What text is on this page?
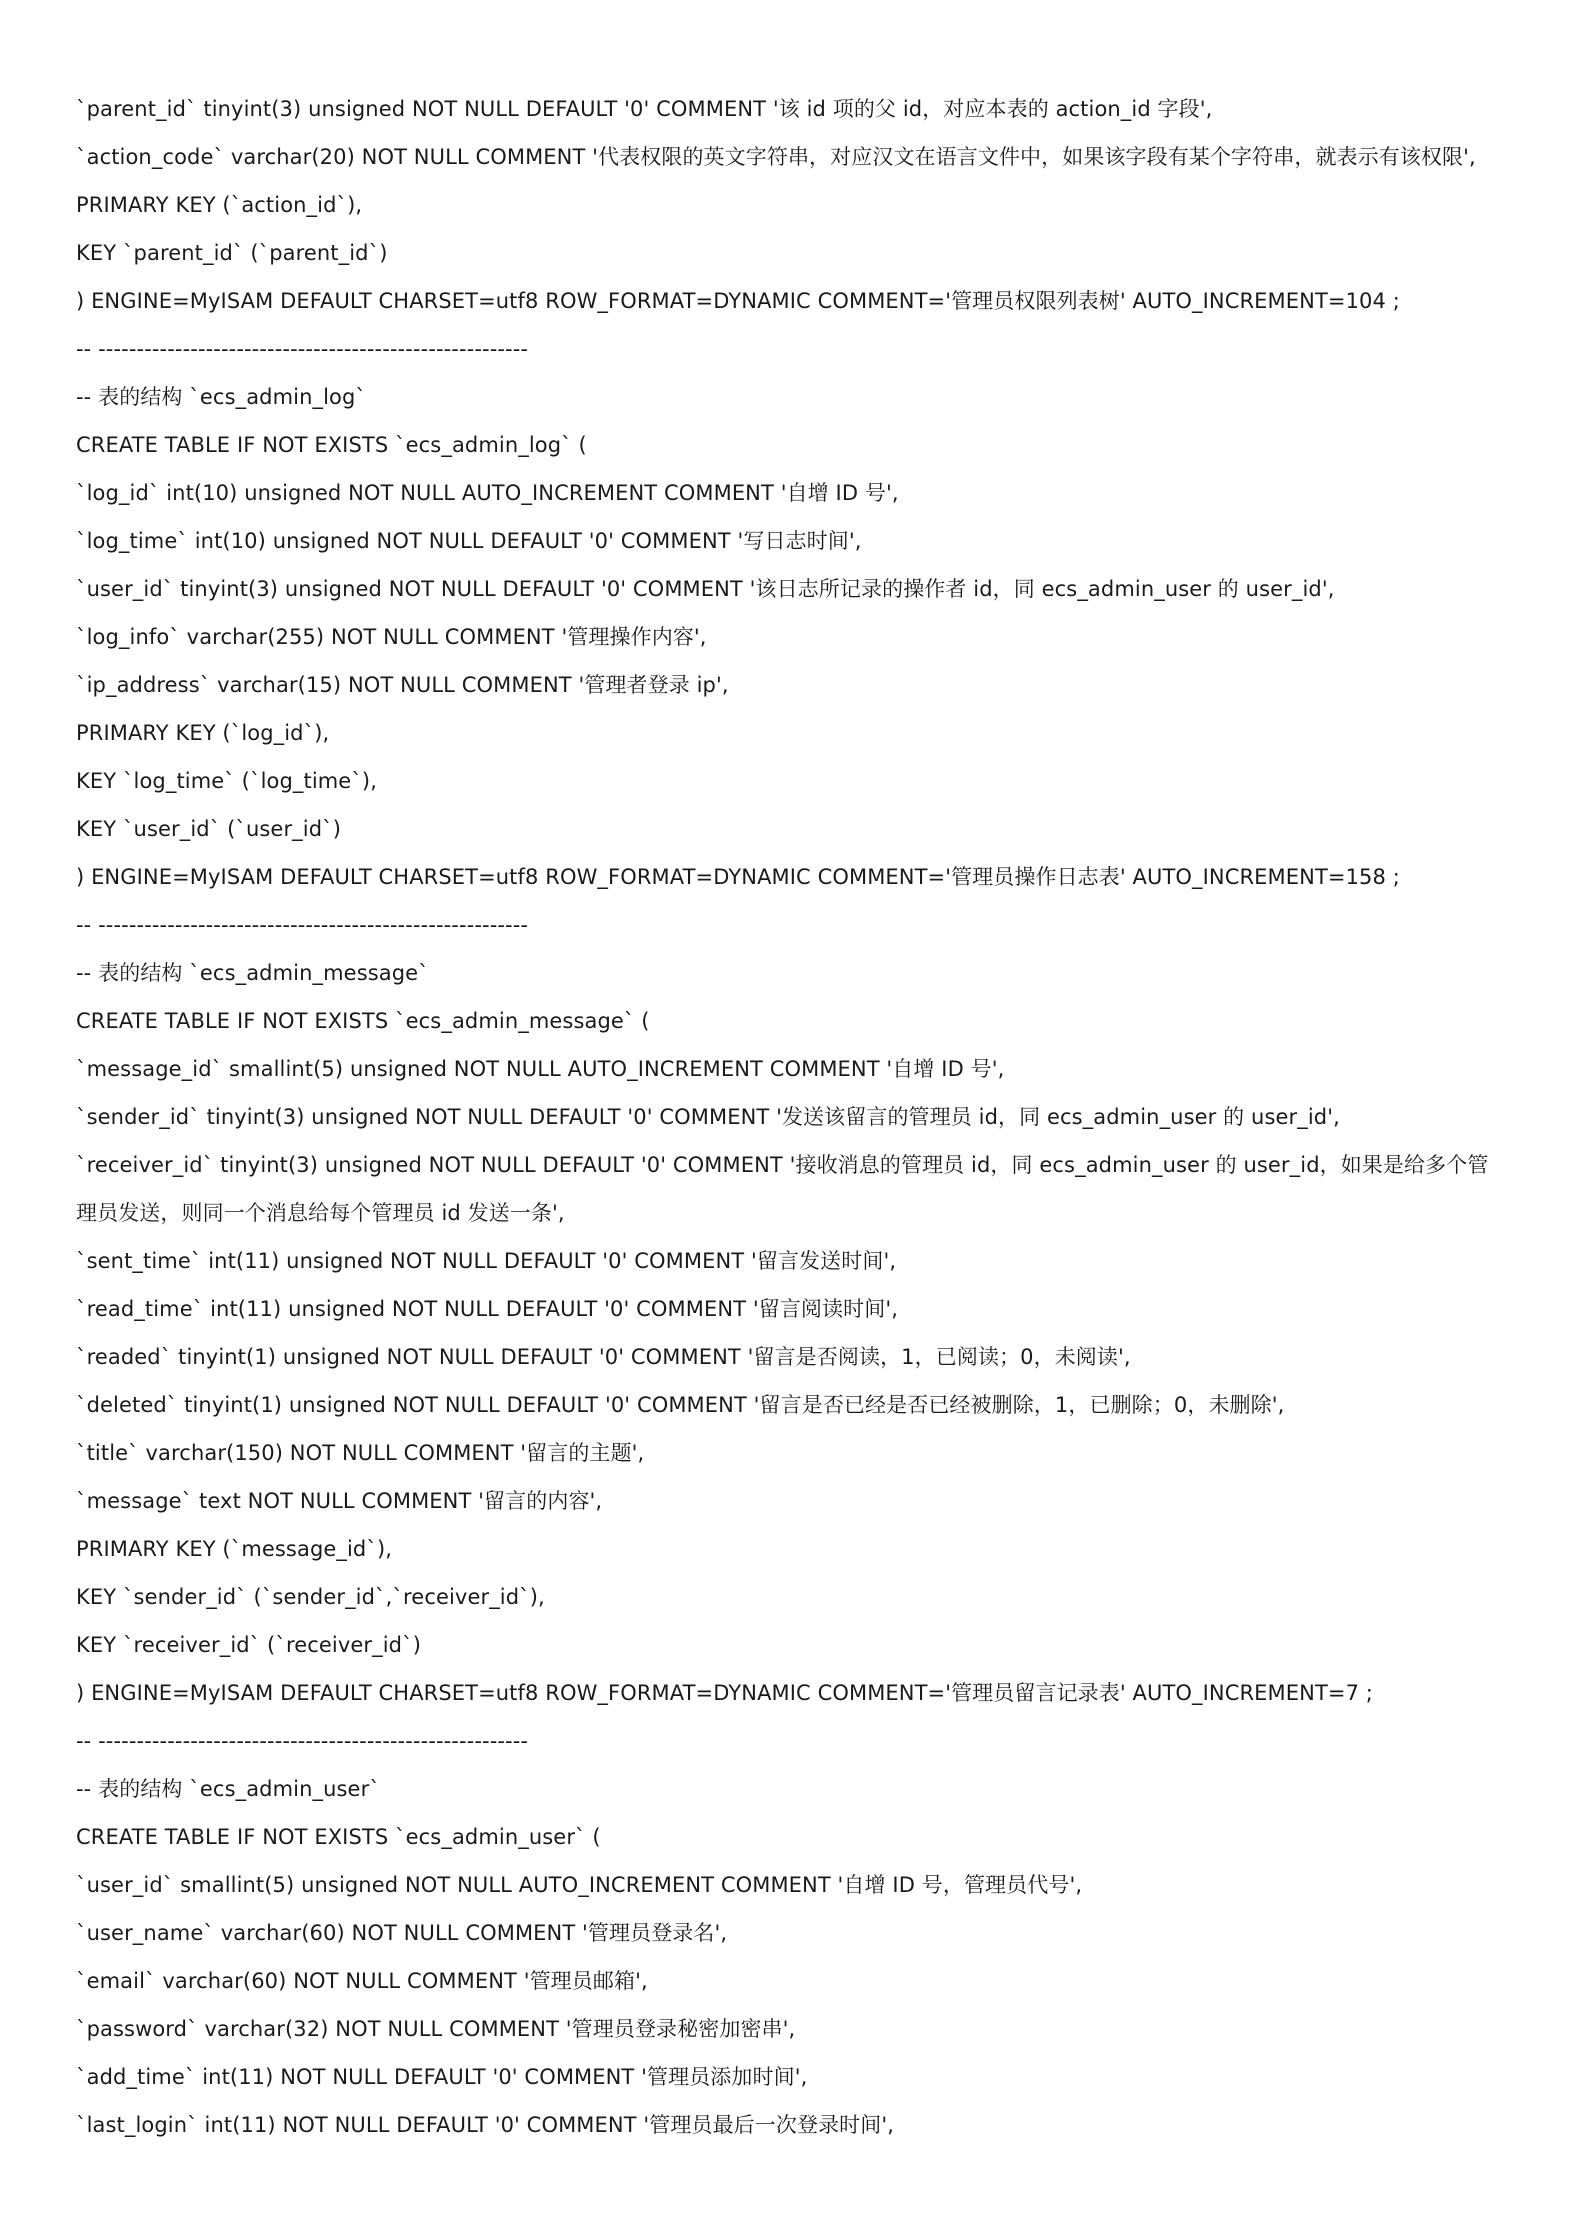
`parent_id` tinyint(3) unsigned NOT NULL DEFAULT '0' COMMENT '该 id 项的父 id，对应本表的 action_id 字段',
`action_code` varchar(20) NOT NULL COMMENT '代表权限的英文字符串，对应汉文在语言文件中，如果该字段有某个字符串，就表示有该权限',
PRIMARY KEY (`action_id`),
KEY `parent_id` (`parent_id`)
) ENGINE=MyISAM DEFAULT CHARSET=utf8 ROW_FORMAT=DYNAMIC COMMENT='管理员权限列表树' AUTO_INCREMENT=104 ;
-- --------------------------------------------------------
-- 表的结构 `ecs_admin_log`
CREATE TABLE IF NOT EXISTS `ecs_admin_log` (
`log_id` int(10) unsigned NOT NULL AUTO_INCREMENT COMMENT '自增 ID 号',
`log_time` int(10) unsigned NOT NULL DEFAULT '0' COMMENT '写日志时间',
`user_id` tinyint(3) unsigned NOT NULL DEFAULT '0' COMMENT '该日志所记录的操作者 id，同 ecs_admin_user 的 user_id',
`log_info` varchar(255) NOT NULL COMMENT '管理操作内容',
`ip_address` varchar(15) NOT NULL COMMENT '管理者登录 ip',
PRIMARY KEY (`log_id`),
KEY `log_time` (`log_time`),
KEY `user_id` (`user_id`)
) ENGINE=MyISAM DEFAULT CHARSET=utf8 ROW_FORMAT=DYNAMIC COMMENT='管理员操作日志表' AUTO_INCREMENT=158 ;
-- --------------------------------------------------------
-- 表的结构 `ecs_admin_message`
CREATE TABLE IF NOT EXISTS `ecs_admin_message` (
`message_id` smallint(5) unsigned NOT NULL AUTO_INCREMENT COMMENT '自增 ID 号',
`sender_id` tinyint(3) unsigned NOT NULL DEFAULT '0' COMMENT '发送该留言的管理员 id，同 ecs_admin_user 的 user_id',
`receiver_id` tinyint(3) unsigned NOT NULL DEFAULT '0' COMMENT '接收消息的管理员 id，同 ecs_admin_user 的 user_id，如果是给多个管
理员发送，则同一个消息给每个管理员 id 发送一条',
`sent_time` int(11) unsigned NOT NULL DEFAULT '0' COMMENT '留言发送时间',
`read_time` int(11) unsigned NOT NULL DEFAULT '0' COMMENT '留言阅读时间',
`readed` tinyint(1) unsigned NOT NULL DEFAULT '0' COMMENT '留言是否阅读，1，已阅读；0，未阅读',
`deleted` tinyint(1) unsigned NOT NULL DEFAULT '0' COMMENT '留言是否已经是否已经被删除，1，已删除；0，未删除',
`title` varchar(150) NOT NULL COMMENT '留言的主题',
`message` text NOT NULL COMMENT '留言的内容',
PRIMARY KEY (`message_id`),
KEY `sender_id` (`sender_id`,`receiver_id`),
KEY `receiver_id` (`receiver_id`)
) ENGINE=MyISAM DEFAULT CHARSET=utf8 ROW_FORMAT=DYNAMIC COMMENT='管理员留言记录表' AUTO_INCREMENT=7 ;
-- --------------------------------------------------------
-- 表的结构 `ecs_admin_user`
CREATE TABLE IF NOT EXISTS `ecs_admin_user` (
`user_id` smallint(5) unsigned NOT NULL AUTO_INCREMENT COMMENT '自增 ID 号，管理员代号',
`user_name` varchar(60) NOT NULL COMMENT '管理员登录名',
`email` varchar(60) NOT NULL COMMENT '管理员邮箱',
`password` varchar(32) NOT NULL COMMENT '管理员登录秘密加密串',
`add_time` int(11) NOT NULL DEFAULT '0' COMMENT '管理员添加时间',
`last_login` int(11) NOT NULL DEFAULT '0' COMMENT '管理员最后一次登录时间',
